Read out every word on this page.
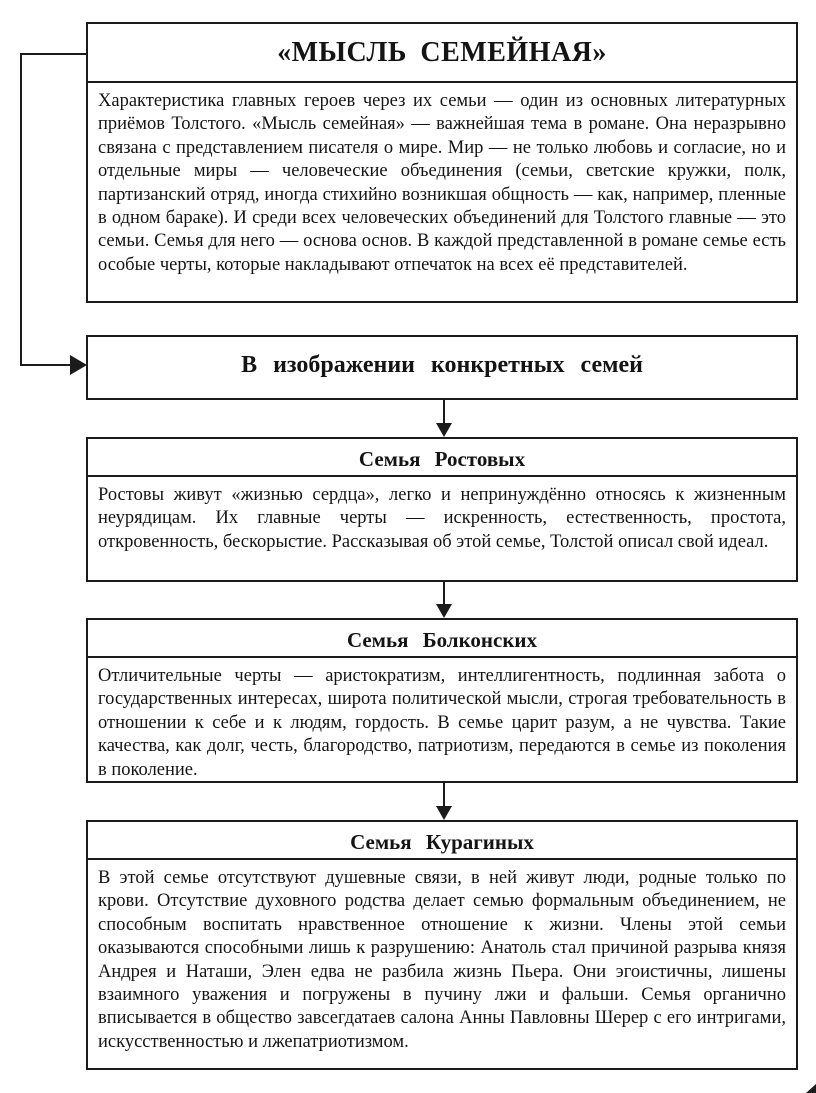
«МЫСЛЬ СЕМЕЙНАЯ»
Характеристика главных героев через их семьи — один из основных литературных приёмов Толстого. «Мысль семейная» — важнейшая тема в романе. Она неразрывно связана с представлением писателя о мире. Мир — не только любовь и согласие, но и отдельные миры — человеческие объединения (семьи, светские кружки, полк, партизанский отряд, иногда стихийно возникшая общность — как, например, пленные в одном бараке). И среди всех человеческих объединений для Толстого главные — это семьи. Семья для него — основа основ. В каждой представленной в романе семье есть особые черты, которые накладывают отпечаток на всех её представителей.
В изображении конкретных семей
Семья Ростовых
Ростовы живут «жизнью сердца», легко и непринуждённо относясь к жизненным неурядицам. Их главные черты — искренность, естественность, простота, откровенность, бескорыстие. Рассказывая об этой семье, Толстой описал свой идеал.
Семья Болконских
Отличительные черты — аристократизм, интеллигентность, подлинная забота о государственных интересах, широта политической мысли, строгая требовательность в отношении к себе и к людям, гордость. В семье царит разум, а не чувства. Такие качества, как долг, честь, благородство, патриотизм, передаются в семье из поколения в поколение.
Семья Курагиных
В этой семье отсутствуют душевные связи, в ней живут люди, родные только по крови. Отсутствие духовного родства делает семью формальным объединением, не способным воспитать нравственное отношение к жизни. Члены этой семьи оказываются способными лишь к разрушению: Анатоль стал причиной разрыва князя Андрея и Наташи, Элен едва не разбила жизнь Пьера. Они эгоистичны, лишены взаимного уважения и погружены в пучину лжи и фальши. Семья органично вписывается в общество завсегдатаев салона Анны Павловны Шерер с его интригами, искусственностью и лжепатриотизмом.
